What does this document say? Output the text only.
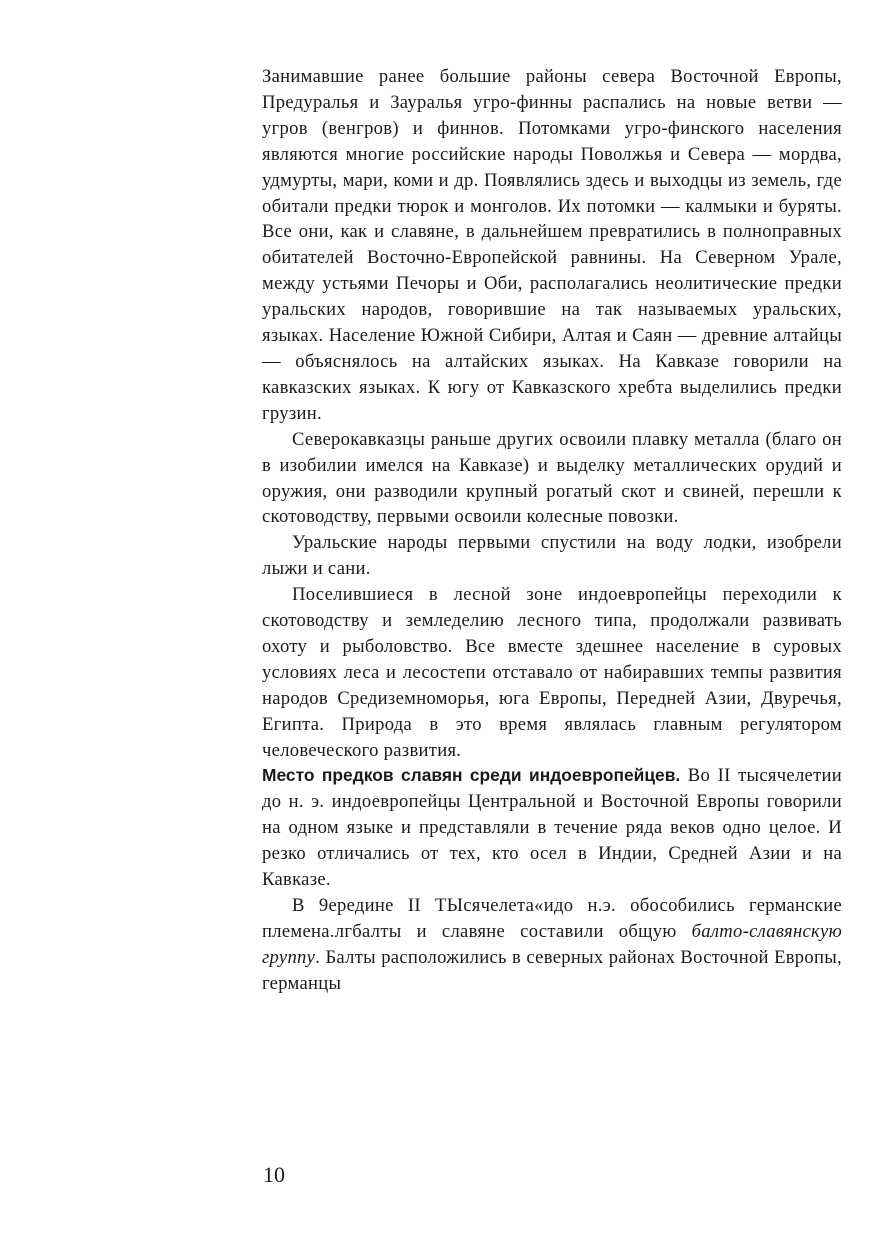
Занимавшие ранее большие районы севера Восточной Европы, Предуралья и Зауралья угро-финны распались на новые ветви — угров (венгров) и финнов. Потомками угро-финского населения являются многие российские народы Поволжья и Севера — мордва, удмурты, мари, коми и др. Появлялись здесь и выходцы из земель, где обитали предки тюрок и монголов. Их потомки — калмыки и буряты. Все они, как и славяне, в дальнейшем превратились в полноправных обитателей Восточно-Европейской равнины. На Северном Урале, между устьями Печоры и Оби, располагались неолитические предки уральских народов, говорившие на так называемых уральских, языках. Население Южной Сибири, Алтая и Саян — древние алтайцы — объяснялось на алтайских языках. На Кавказе говорили на кавказских языках. К югу от Кавказского хребта выделились предки грузин.

Северокавказцы раньше других освоили плавку металла (благо он в изобилии имелся на Кавказе) и выделку металлических орудий и оружия, они разводили крупный рогатый скот и свиней, перешли к скотоводству, первыми освоили колесные повозки.

Уральские народы первыми спустили на воду лодки, изобрели лыжи и сани.

Поселившиеся в лесной зоне индоевропейцы переходили к скотоводству и земледелию лесного типа, продолжали развивать охоту и рыболовство. Все вместе здешнее население в суровых условиях леса и лесостепи отставало от набиравших темпы развития народов Средиземноморья, юга Европы, Передней Азии, Двуречья, Египта. Природа в это время являлась главным регулятором человеческого развития.

Место предков славян среди индоевропейцев. Во II тысячелетии до н. э. индоевропейцы Центральной и Восточной Европы говорили на одном языке и представляли в течение ряда веков одно целое. И резко отличались от тех, кто осел в Индии, Средней Азии и на Кавказе.

В 9ередине II ТЫсячелета«идо н.э. обособились германские племена.лгбалты и славяне составили общую балто-славянскую группу. Балты расположились в северных районах Восточной Европы, германцы

10
